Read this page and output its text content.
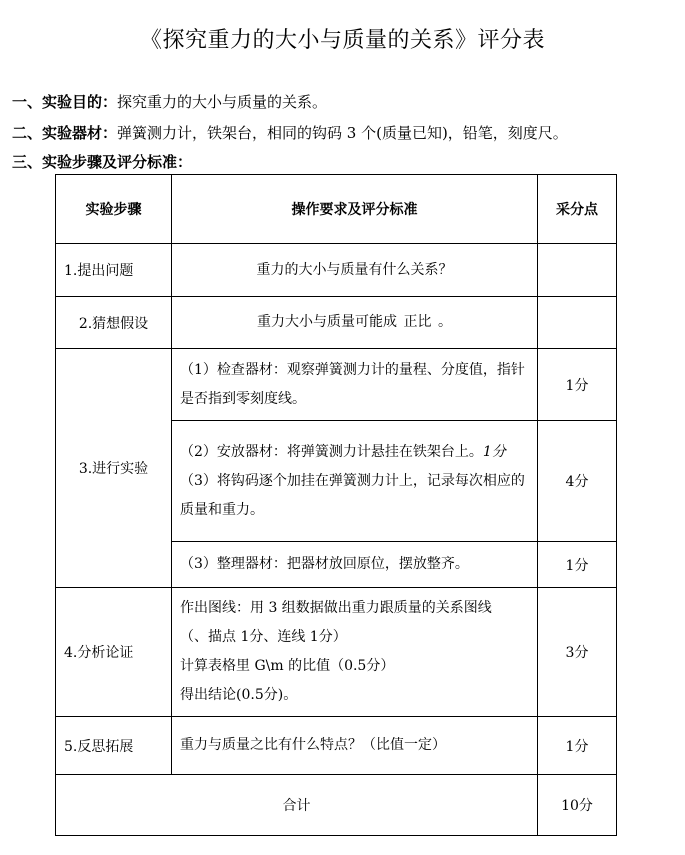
《探究重力的大小与质量的关系》评分表
一、实验目的：探究重力的大小与质量的关系。
二、实验器材：弹簧测力计，铁架台，相同的钩码 3 个(质量已知)，铅笔，刻度尺。
三、实验步骤及评分标准：
实验步骤	操作要求及评分标准	采分点
1.提出问题	重力的大小与质量有什么关系？	
2.猜想假设	重力大小与质量可能成 正比 。	
3.进行实验	（1）检查器材：观察弹簧测力计的量程、分度值，指针是否指到零刻度线。	1分
	（2）安放器材：将弹簧测力计悬挂在铁架台上。1分
（3）将钩码逐个加挂在弹簧测力计上，记录每次相应的质量和重力。	4分
	（3）整理器材：把器材放回原位，摆放整齐。	1分
4.分析论证	作出图线：用 3 组数据做出重力跟质量的关系图线
（、描点 1分、连线 1分）
计算表格里 G\m 的比值（0.5分）
得出结论(0.5分)。	3分
5.反思拓展	重力与质量之比有什么特点？（比值一定）	1分
合计		10分
